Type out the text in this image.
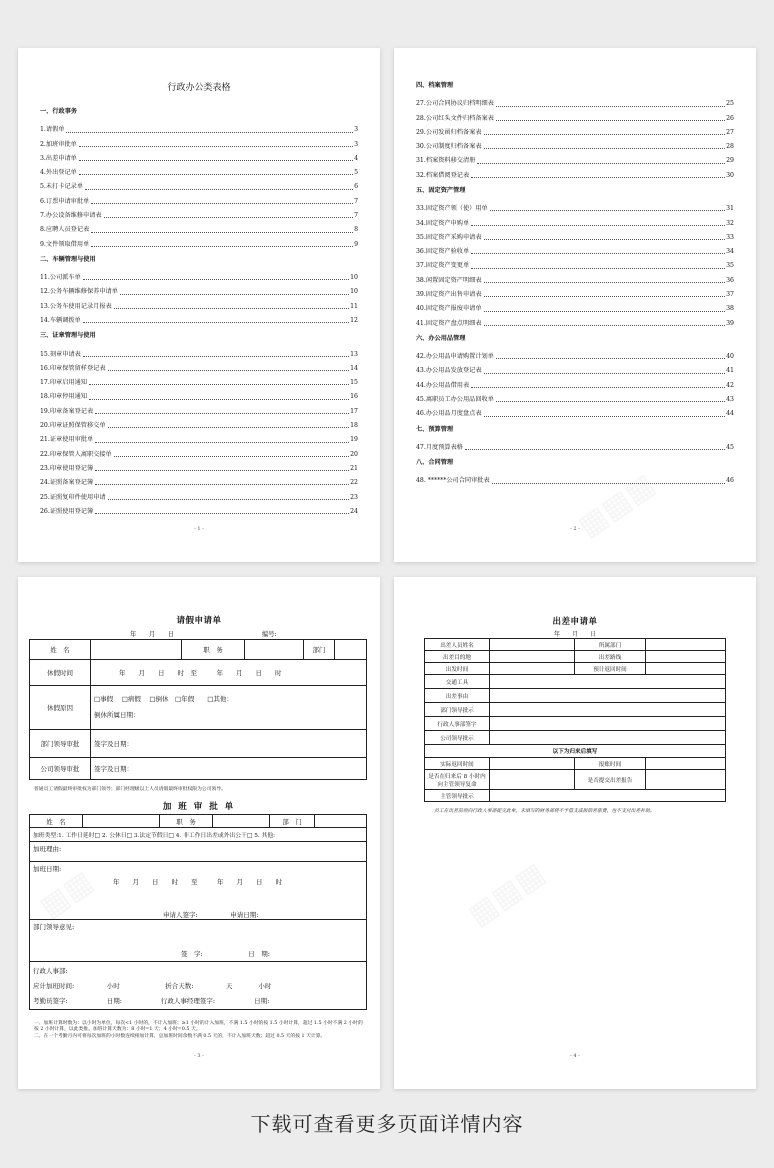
行政办公类表格
一、行政事务
1.请假单	3
2.加班审批单	3
3.出差申请单	4
4.外出登记单	5
5.未打卡记录单	6
6.订票申请审批单	7
7.办公设备维修申请表	7
8.应聘人员登记表	8
9.文件领取借用单	9
二、车辆管理与使用
11.公司派车单	10
12.公务车辆维修保养申请单	10
13.公务车使用记录月报表	11
14.车辆调拨单	12
三、证章管理与使用
15.刻章申请表	13
16.印章保管留样登记表	14
17.印章启用通知	15
18.印章停用通知	16
19.印章备案登记表	17
20.印章证照保管移交单	18
21.证章使用审批单	19
22.印章保管人离职交接单	20
23.印章使用登记簿	21
24.证照备案登记簿	22
25.证照复印件使用申请	23
26.证照使用登记簿	24
- 1 -
四、档案管理
27.公司合同协议归档明细表	25
28.公司红头文件归档备案表	26
29.公司发函归档备案表	27
30.公司制度归档备案表	28
31.档案资料移交清册	29
32.档案借阅登记表	30
五、固定资产管理
33.固定资产领（使）用单	31
34.固定资产申购单	32
35.固定资产采购申请表	33
36.固定资产验收单	34
37.固定资产变更单	35
38.闲置固定资产明细表	36
39.固定资产出售申请表	37
40.固定资产报废申请单	38
41.固定资产盘点明细表	39
六、办公用品管理
42.办公用品申请购置计划单	40
43.办公用品发放登记表	41
44.办公用品借用表	42
45.离职员工办公用品回收单	43
46.办公用品月度盘点表	44
七、预算管理
47.月度预算表格	45
八、合同管理
48. ******公司合同审批表	46
- 2 -
请假申请单
年　　月　　日	编号:
姓　名		职　务		部门	
休假时间	年　　月　　日　　时　至　　　年　　月　　日　　时				
休假原因	□事假　 □病假　 □倒休　□年假　　□其他：
倒休所属日期：				

部门领导审批	签字及日期：				
公司领导审批	签字及日期：				
普通员工请假最终审批权为部门领导；部门经理级以上人员请假最终审批权限为公司领导。
加 班 审 批 单
姓　名		职　务		部　门	
加班类型:1. 工作日延时□ 2. 公休日□ 3.法定节假日□ 4. 非工作日出差或外出公干□ 5. 其他:
加班理由:

加班日期:
年　　月　　日　　时　　至　　　年　　月　　日　　时
申请人签字:　　　　　申请日期:

部门领导意见:
签　字:　　　　　　　日　期:

行政人事部:
应计加班时间:　　　　　小时　　　　　　　折合天数:　　　　　天　　　　小时
考勤员签字:　　　　　　日期:　　　　　　行政人事经理签字:　　　　　　日期:
一、加班计算时数为：以小时为单位，每次<1 小时的，不计入加班；≥1 小时的计入加班，不满 1.5 小时的按 1.5 小时计算，超过 1.5 小时不满 2 小时的按 2 小时计算，以此类推。加班计算天数为：8 小时=1 天；4 小时=0.5 天。
二、在一个考勤月内可将每次加班的小时数连续相加计算，总加班时间余数不满 0.5 天的，不计入加班天数；超过 0.5 天的按 1 天计算。
- 3 -
出差申请单
年　　月　　日
出差人员姓名		所属部门	
出差目的地		出差路线	
出发时间		预计返回时间	
交通工具			
出差事由			
部门领导批示			
行政人事部签字			
公司领导批示			
以下为归来后填写			
实际返回时间		报账时间	
是否在归来后 8 小时内向主管领导复命		是否提交出差报告	
主管领导批示			
员工在出差前须向行政人事部提交此单，未填写的财务部将不予借支或报销差旅费，也不支付出差补助。
- 4 -
下载可查看更多页面详情内容
